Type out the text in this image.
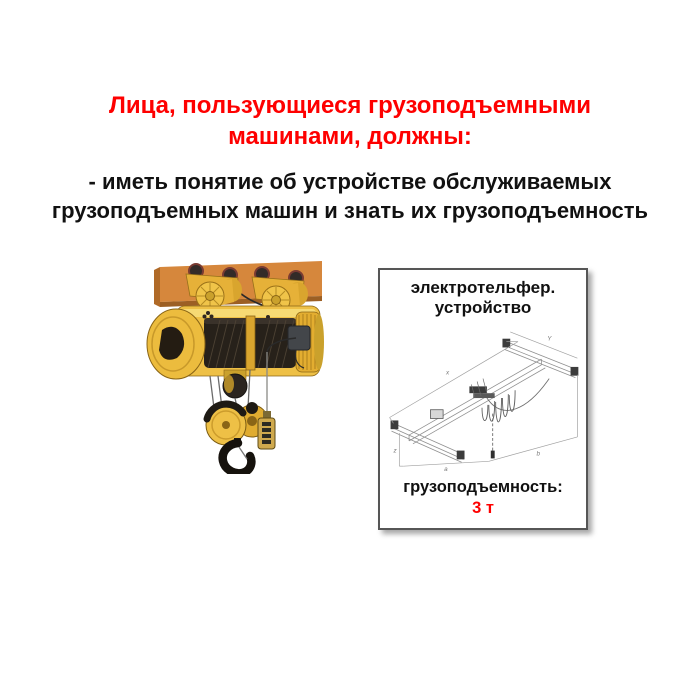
Лица, пользующиеся грузоподъемными
машинами, должны:
- иметь понятие об устройстве обслуживаемых
грузоподъемных машин и знать их грузоподъемность
электротельфер.
устройство
x
Y
z
a
b
грузоподъемность:
3 т
